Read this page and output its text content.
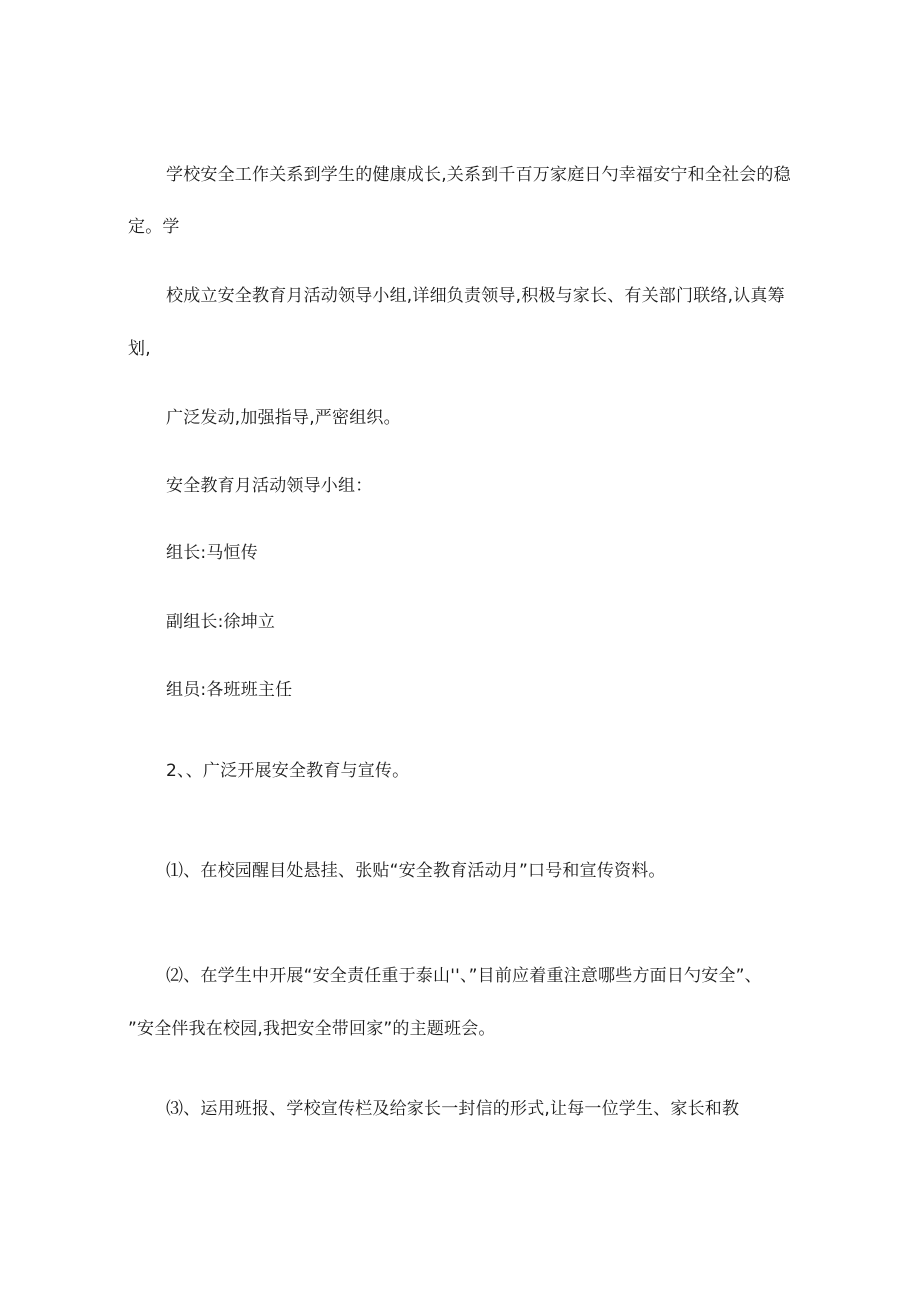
学校安全工作关系到学生的健康成长,关系到千百万家庭日勺幸福安宁和全社会的稳
定。学
校成立安全教育月活动领导小组,详细负责领导,积极与家长、有关部门联络,认真筹
划,
广泛发动,加强指导,严密组织。
安全教育月活动领导小组：
组长:马恒传
副组长:徐坤立
组员:各班班主任
2、、广泛开展安全教育与宣传。
⑴、在校园醒目处悬挂、张贴“安全教育活动月”口号和宣传资料。
⑵、在学生中开展“安全责任重于泰山''、”目前应着重注意哪些方面日勺安全”、
”安全伴我在校园,我把安全带回家”的主题班会。
⑶、运用班报、学校宣传栏及给家长一封信的形式,让每一位学生、家长和教
